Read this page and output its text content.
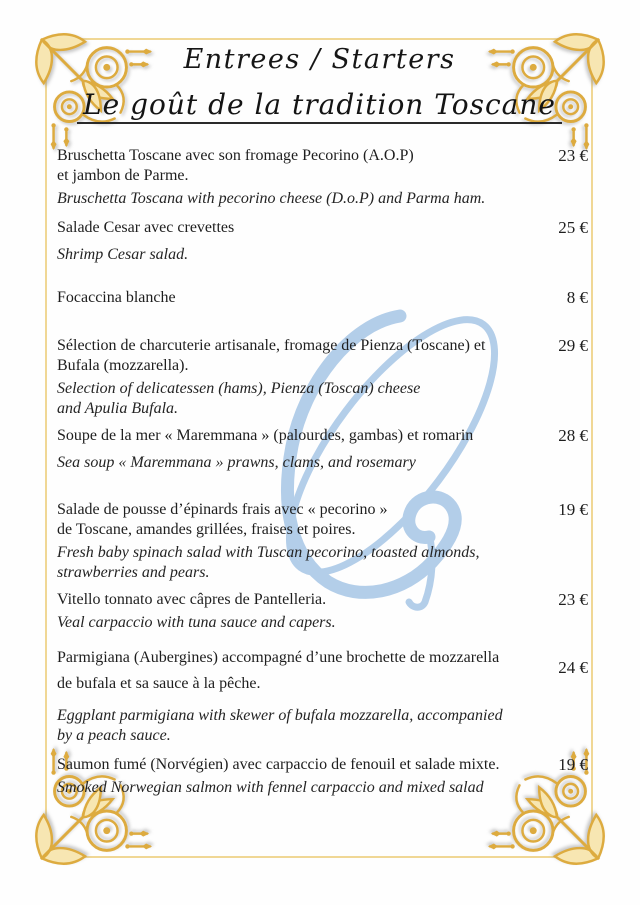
Entrees / Starters
Le goût de la tradition Toscane
Bruschetta Toscane avec son fromage Pecorino (A.O.P)
et jambon de Parme.
Bruschetta Toscana with pecorino cheese (D.o.P) and Parma ham.
23 €
Salade Cesar avec crevettes
Shrimp Cesar salad.
25 €
Focaccina blanche	8 €
Sélection de charcuterie artisanale, fromage de Pienza (Toscane) et
Bufala (mozzarella).
Selection of delicatessen (hams), Pienza (Toscan) cheese
and Apulia Bufala.
29 €
Soupe de la mer « Maremmana » (palourdes, gambas) et romarin
Sea soup « Maremmana » prawns, clams, and rosemary
28 €
Salade de pousse d’épinards frais avec « pecorino »
de Toscane, amandes grillées, fraises et poires.
Fresh baby spinach salad with Tuscan pecorino, toasted almonds,
strawberries and pears.
19 €
Vitello tonnato avec câpres de Pantelleria.
Veal carpaccio with tuna sauce and capers.
23 €
Parmigiana (Aubergines) accompagné d’une brochette de mozzarella
de bufala et sa sauce à la pêche.
Eggplant parmigiana with skewer of bufala mozzarella, accompanied
by a peach sauce.
24 €
Saumon fumé (Norvégien) avec carpaccio de fenouil et salade mixte.
Smoked Norwegian salmon with fennel carpaccio and mixed salad
19 €
